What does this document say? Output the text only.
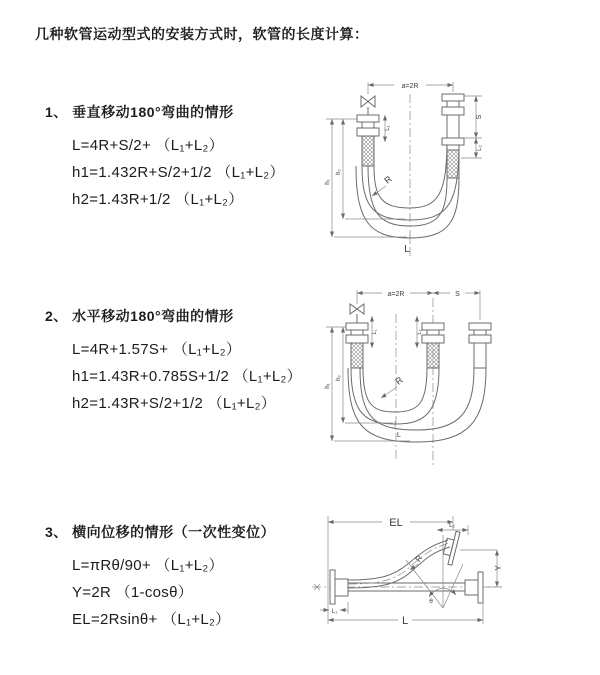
几种软管运动型式的安装方式时，软管的长度计算：
1、 垂直移动180°弯曲的情形
L=4R+S/2+ （L₁+L₂）
h1=1.432R+S/2+1/2 （L₁+L₂）
h2=1.43R+1/2 （L₁+L₂）
2、 水平移动180°弯曲的情形
L=4R+1.57S+ （L₁+L₂）
h1=1.43R+0.785S+1/2 （L₁+L₂）
h2=1.43R+S/2+1/2 （L₁+L₂）
3、 横向位移的情形（一次性变位）
L=πRθ/90+ （L₁+L₂）
Y=2R （1-cosθ）
EL=2Rsinθ+ （L₁+L₂）
a=2R
L₁
S
L₂
h₁
h₂
R
L
a=2R	S
L₁	L₂
h₁
h₂	R
L
θ
R
EL	L₂
Y
L₁
L
